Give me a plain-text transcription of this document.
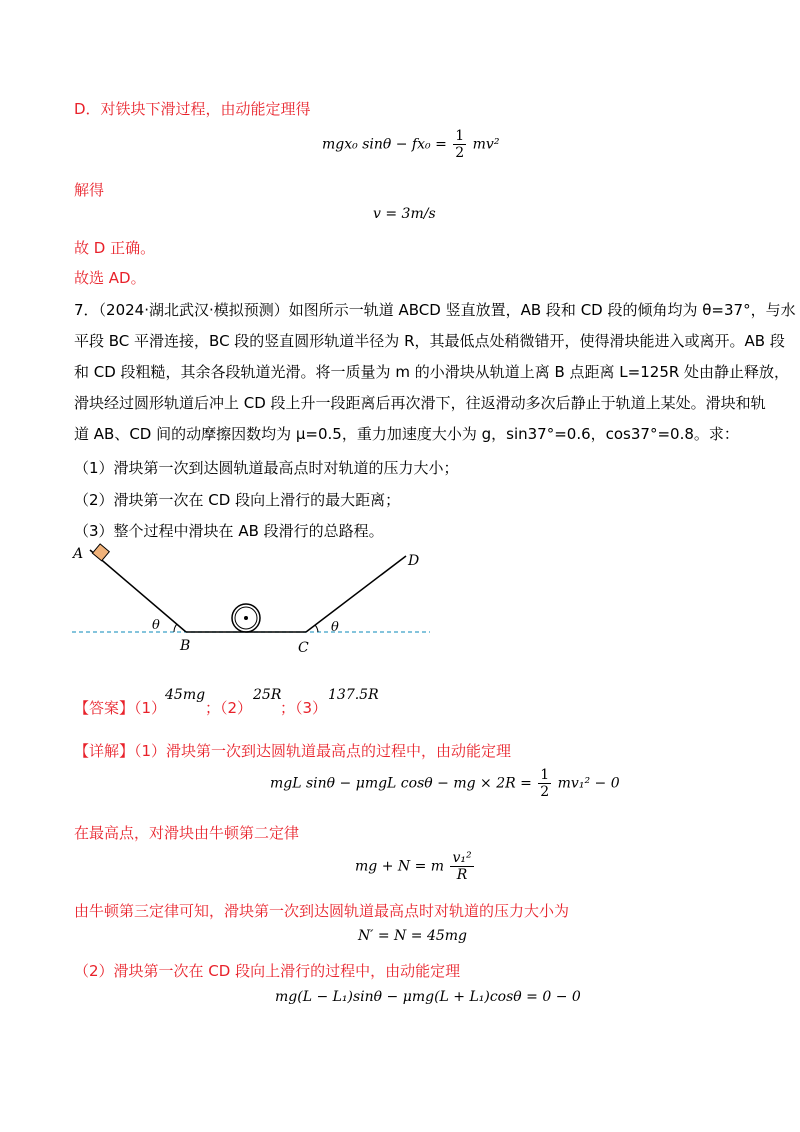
D．对铁块下滑过程，由动能定理得
mgx₀ $\sin\theta - fx_0 = \frac{1}{2} mv^2$
解得
v = 3m/s
故 D 正确。
故选 AD。
7．（2024·湖北武汉·模拟预测）如图所示一轨道 ABCD 竖直放置，AB 段和 CD 段的倾角均为 θ=37°，与水
平段 BC 平滑连接，BC 段的竖直圆形轨道半径为 R，其最低点处稍微错开，使得滑块能进入或离开。AB 段
和 CD 段粗糙，其余各段轨道光滑。将一质量为 m 的小滑块从轨道上离 B 点距离 L=125R 处由静止释放，
滑块经过圆形轨道后冲上 CD 段上升一段距离后再次滑下，往返滑动多次后静止于轨道上某处。滑块和轨
道 AB、CD 间的动摩擦因数均为 μ=0.5，重力加速度大小为 g，sin37°=0.6，cos37°=0.8。求：
（1）滑块第一次到达圆轨道最高点时对轨道的压力大小；
（2）滑块第一次在 CD 段向上滑行的最大距离；
（3）整个过程中滑块在 AB 段滑行的总路程。
A
B	C
D
θ	θ
【答案】（1）
45mg
；（2）
25R
；（3）
137.5R
【详解】（1）滑块第一次到达圆轨道最高点的过程中，由动能定理
mgL sinθ − μmgL cosθ − mg × $2R = \frac{1}{2} mv_1^2 - 0$
在最高点，对滑块由牛顿第二定律
mg + N = m $\frac{\text{v₁²}}{R}$
由牛顿第三定律可知，滑块第一次到达圆轨道最高点时对轨道的压力大小为
N′ = N = 45mg
（2）滑块第一次在 CD 段向上滑行的过程中，由动能定理
mg(L − L₁)sinθ − μmg(L + L₁)cosθ = 0 − 0
